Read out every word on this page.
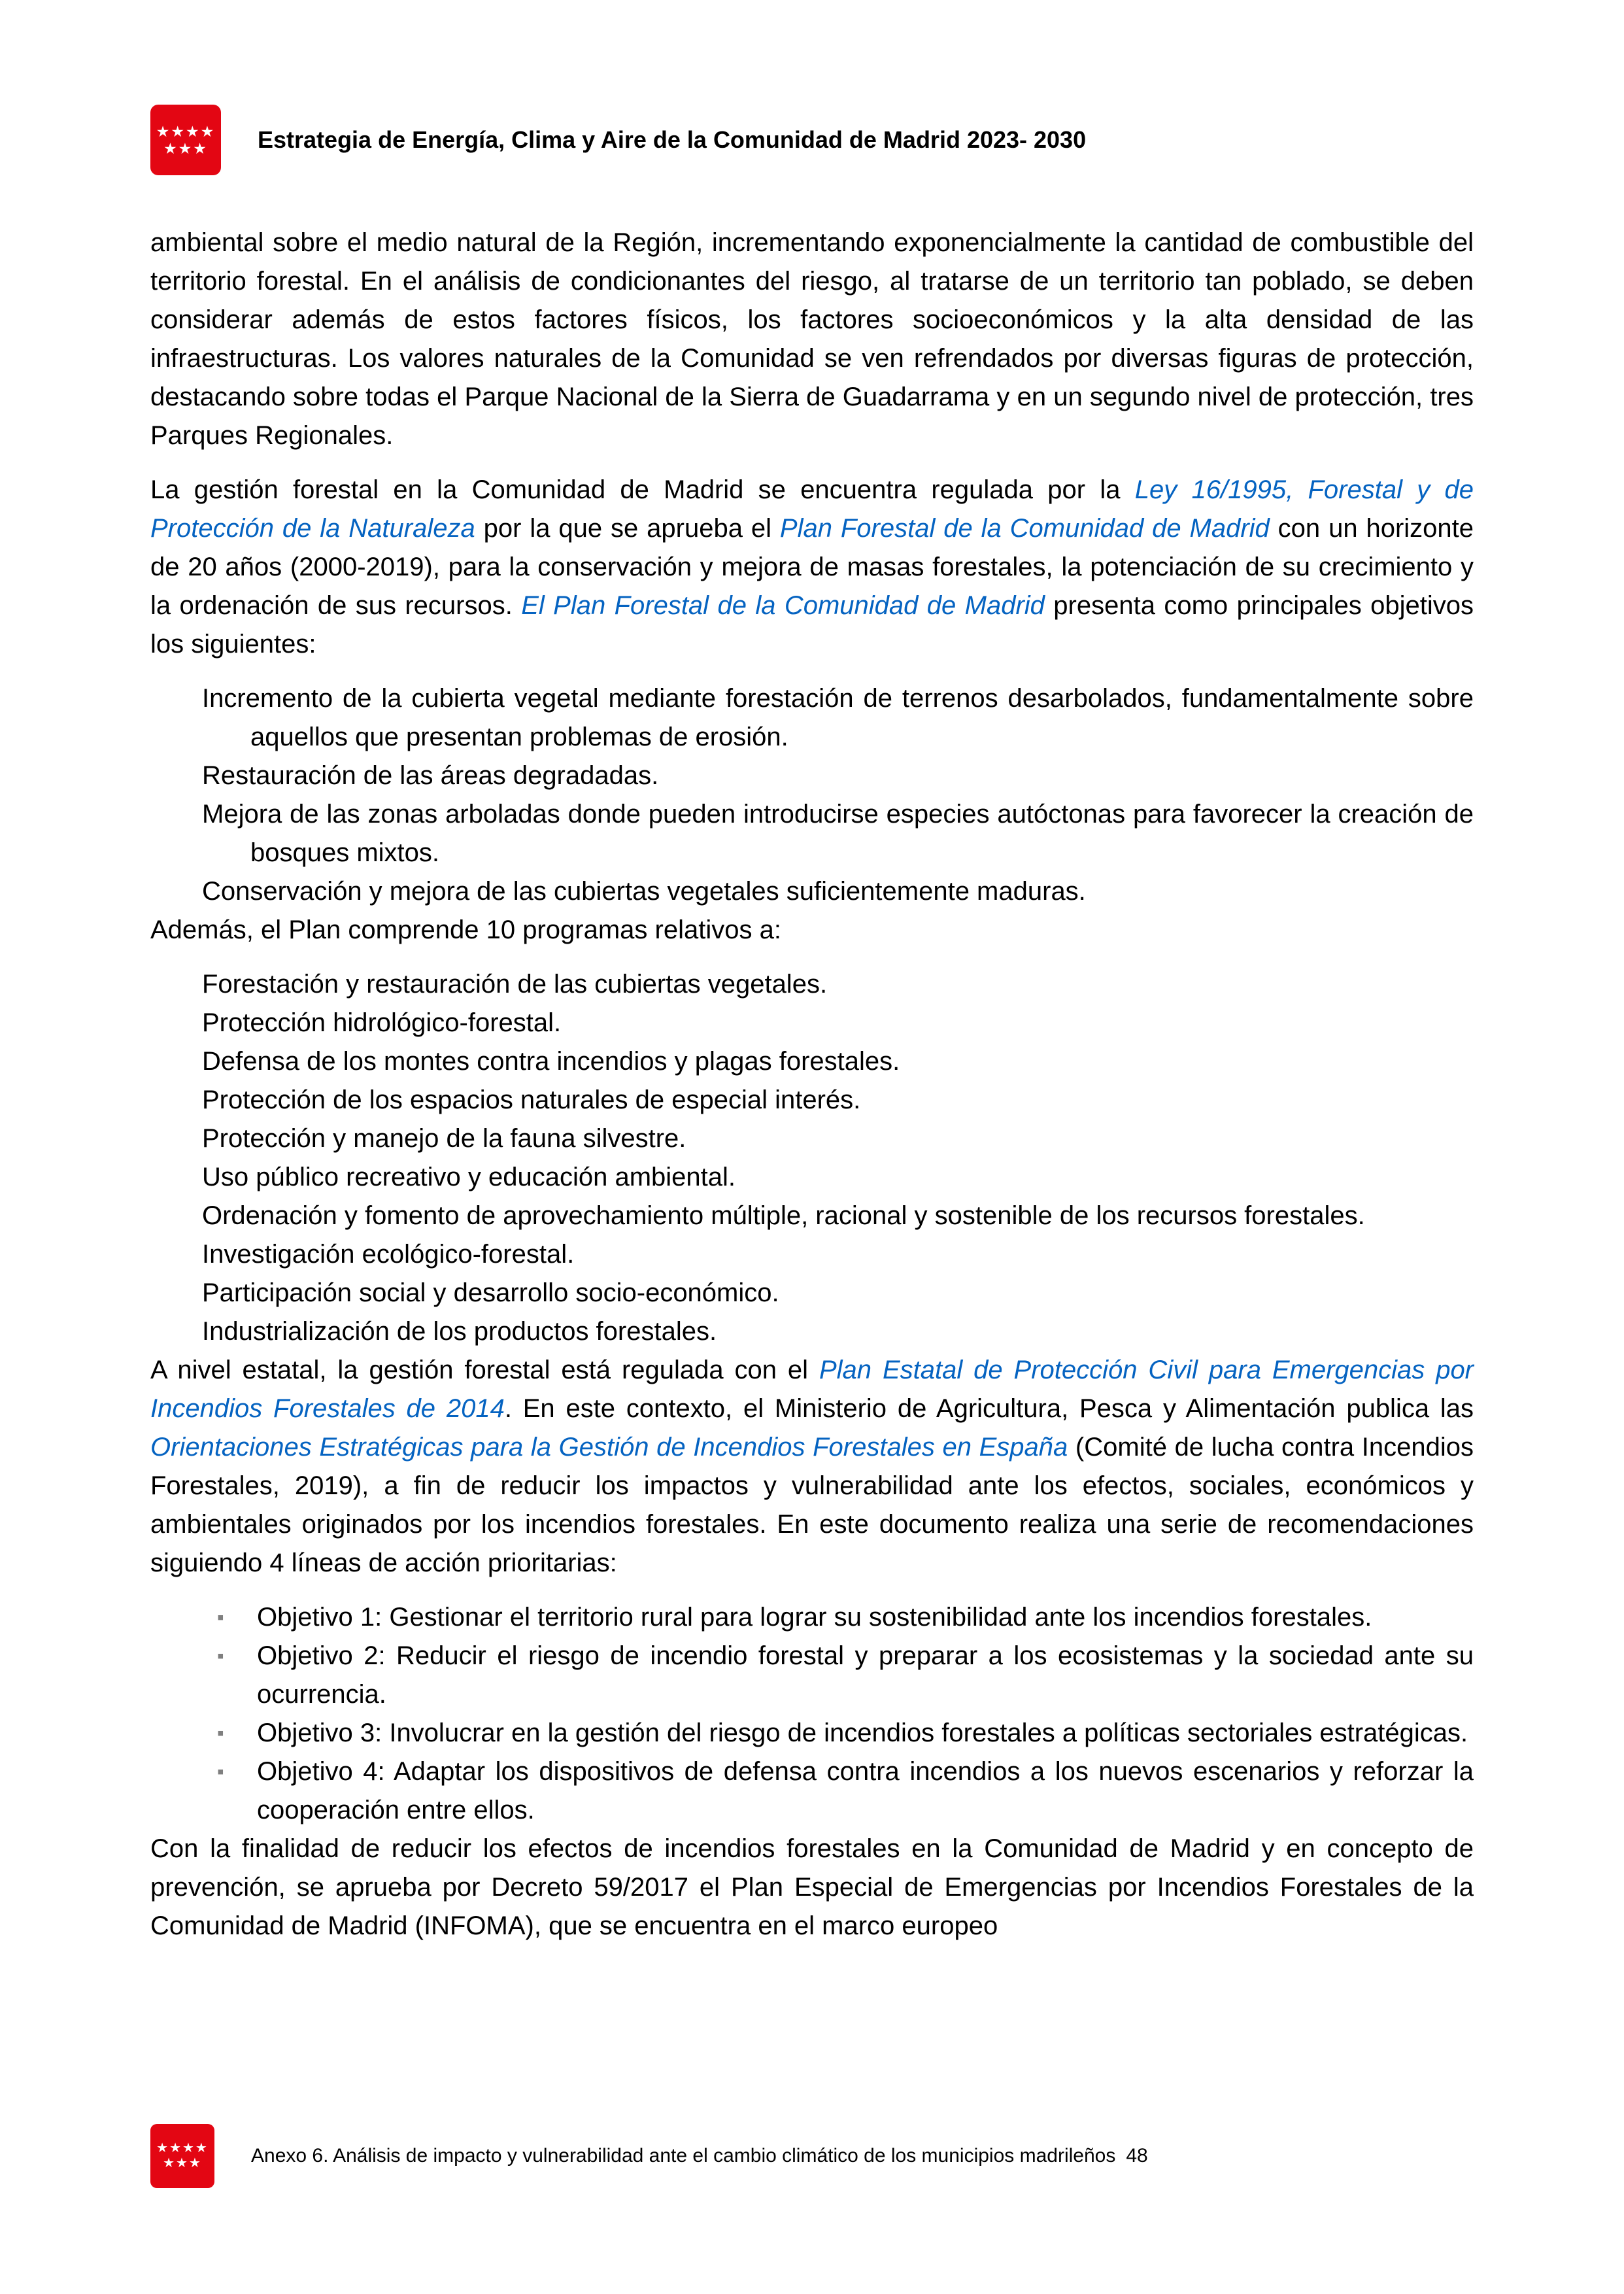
★★★★
★★★ Estrategia de Energía, Clima y Aire de la Comunidad de Madrid 2023- 2030

ambiental sobre el medio natural de la Región, incrementando exponencialmente la cantidad de combustible del territorio forestal. En el análisis de condicionantes del riesgo, al tratarse de un territorio tan poblado, se deben considerar además de estos factores físicos, los factores socioeconómicos y la alta densidad de las infraestructuras. Los valores naturales de la Comunidad se ven refrendados por diversas figuras de protección, destacando sobre todas el Parque Nacional de la Sierra de Guadarrama y en un segundo nivel de protección, tres Parques Regionales.

La gestión forestal en la Comunidad de Madrid se encuentra regulada por la Ley 16/1995, Forestal y de Protección de la Naturaleza por la que se aprueba el Plan Forestal de la Comunidad de Madrid con un horizonte de 20 años (2000-2019), para la conservación y mejora de masas forestales, la potenciación de su crecimiento y la ordenación de sus recursos. El Plan Forestal de la Comunidad de Madrid presenta como principales objetivos los siguientes:

Incremento de la cubierta vegetal mediante forestación de terrenos desarbolados, fundamentalmente sobre aquellos que presentan problemas de erosión.

Restauración de las áreas degradadas.

Mejora de las zonas arboladas donde pueden introducirse especies autóctonas para favorecer la creación de bosques mixtos.

Conservación y mejora de las cubiertas vegetales suficientemente maduras.

Además, el Plan comprende 10 programas relativos a:

Forestación y restauración de las cubiertas vegetales.

Protección hidrológico-forestal.

Defensa de los montes contra incendios y plagas forestales.

Protección de los espacios naturales de especial interés.

Protección y manejo de la fauna silvestre.

Uso público recreativo y educación ambiental.

Ordenación y fomento de aprovechamiento múltiple, racional y sostenible de los recursos forestales.

Investigación ecológico-forestal.

Participación social y desarrollo socio-económico.

Industrialización de los productos forestales.

A nivel estatal, la gestión forestal está regulada con el Plan Estatal de Protección Civil para Emergencias por Incendios Forestales de 2014. En este contexto, el Ministerio de Agricultura, Pesca y Alimentación publica las Orientaciones Estratégicas para la Gestión de Incendios Forestales en España (Comité de lucha contra Incendios Forestales, 2019), a fin de reducir los impactos y vulnerabilidad ante los efectos, sociales, económicos y ambientales originados por los incendios forestales. En este documento realiza una serie de recomendaciones siguiendo 4 líneas de acción prioritarias:

▪ Objetivo 1: Gestionar el territorio rural para lograr su sostenibilidad ante los incendios forestales.

▪ Objetivo 2: Reducir el riesgo de incendio forestal y preparar a los ecosistemas y la sociedad ante su ocurrencia.

▪ Objetivo 3: Involucrar en la gestión del riesgo de incendios forestales a políticas sectoriales estratégicas.

▪ Objetivo 4: Adaptar los dispositivos de defensa contra incendios a los nuevos escenarios y reforzar la cooperación entre ellos.

Con la finalidad de reducir los efectos de incendios forestales en la Comunidad de Madrid y en concepto de prevención, se aprueba por Decreto 59/2017 el Plan Especial de Emergencias por Incendios Forestales de la Comunidad de Madrid (INFOMA), que se encuentra en el marco europeo

★★★★
★★★	Anexo 6. Análisis de impacto y vulnerabilidad ante el cambio climático de los municipios madrileños 48
